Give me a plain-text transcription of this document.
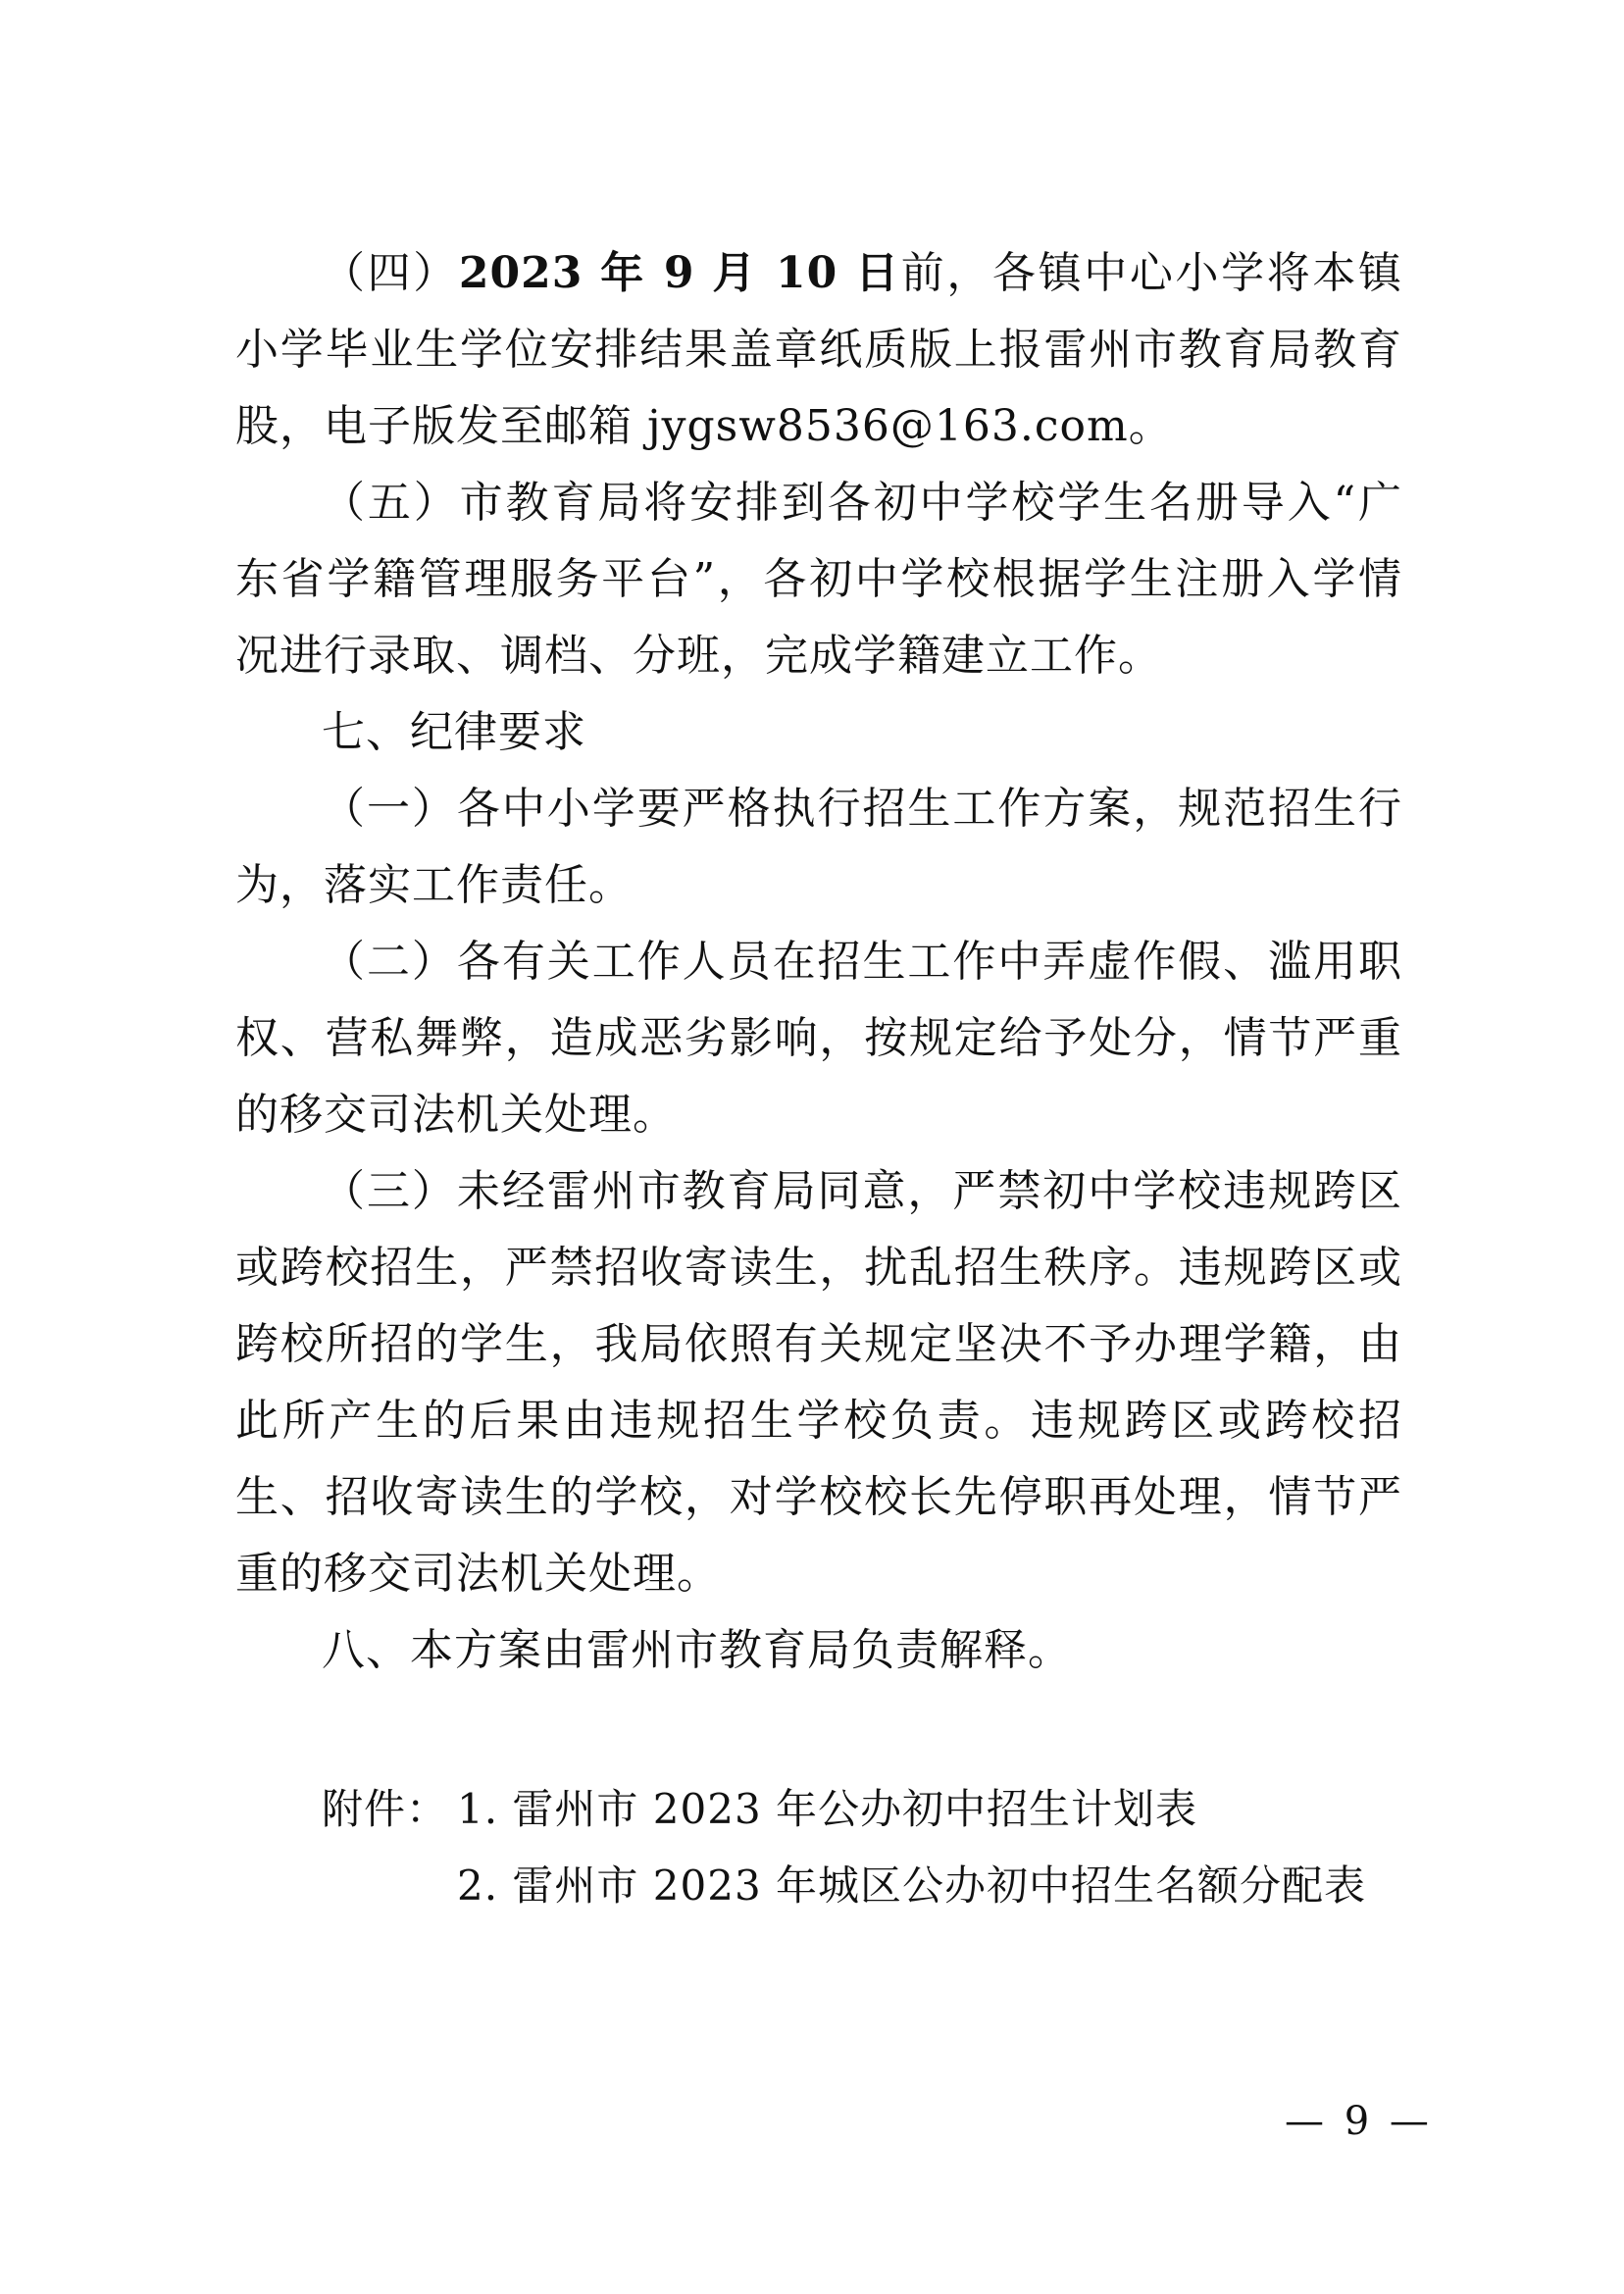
（四）2023 年 9 月 10 日前，各镇中心小学将本镇小学毕业生学位安排结果盖章纸质版上报雷州市教育局教育股，电子版发至邮箱 jygsw8536@163.com。

（五）市教育局将安排到各初中学校学生名册导入“广东省学籍管理服务平台”，各初中学校根据学生注册入学情况进行录取、调档、分班，完成学籍建立工作。

七、纪律要求

（一）各中小学要严格执行招生工作方案，规范招生行为，落实工作责任。

（二）各有关工作人员在招生工作中弄虚作假、滥用职权、营私舞弊，造成恶劣影响，按规定给予处分，情节严重的移交司法机关处理。

（三）未经雷州市教育局同意，严禁初中学校违规跨区或跨校招生，严禁招收寄读生，扰乱招生秩序。违规跨区或跨校所招的学生，我局依照有关规定坚决不予办理学籍，由此所产生的后果由违规招生学校负责。违规跨区或跨校招生、招收寄读生的学校，对学校校长先停职再处理，情节严重的移交司法机关处理。

八、本方案由雷州市教育局负责解释。
附件： 1. 雷州市 2023 年公办初中招生计划表
2. 雷州市 2023 年城区公办初中招生名额分配表
— 9 —
